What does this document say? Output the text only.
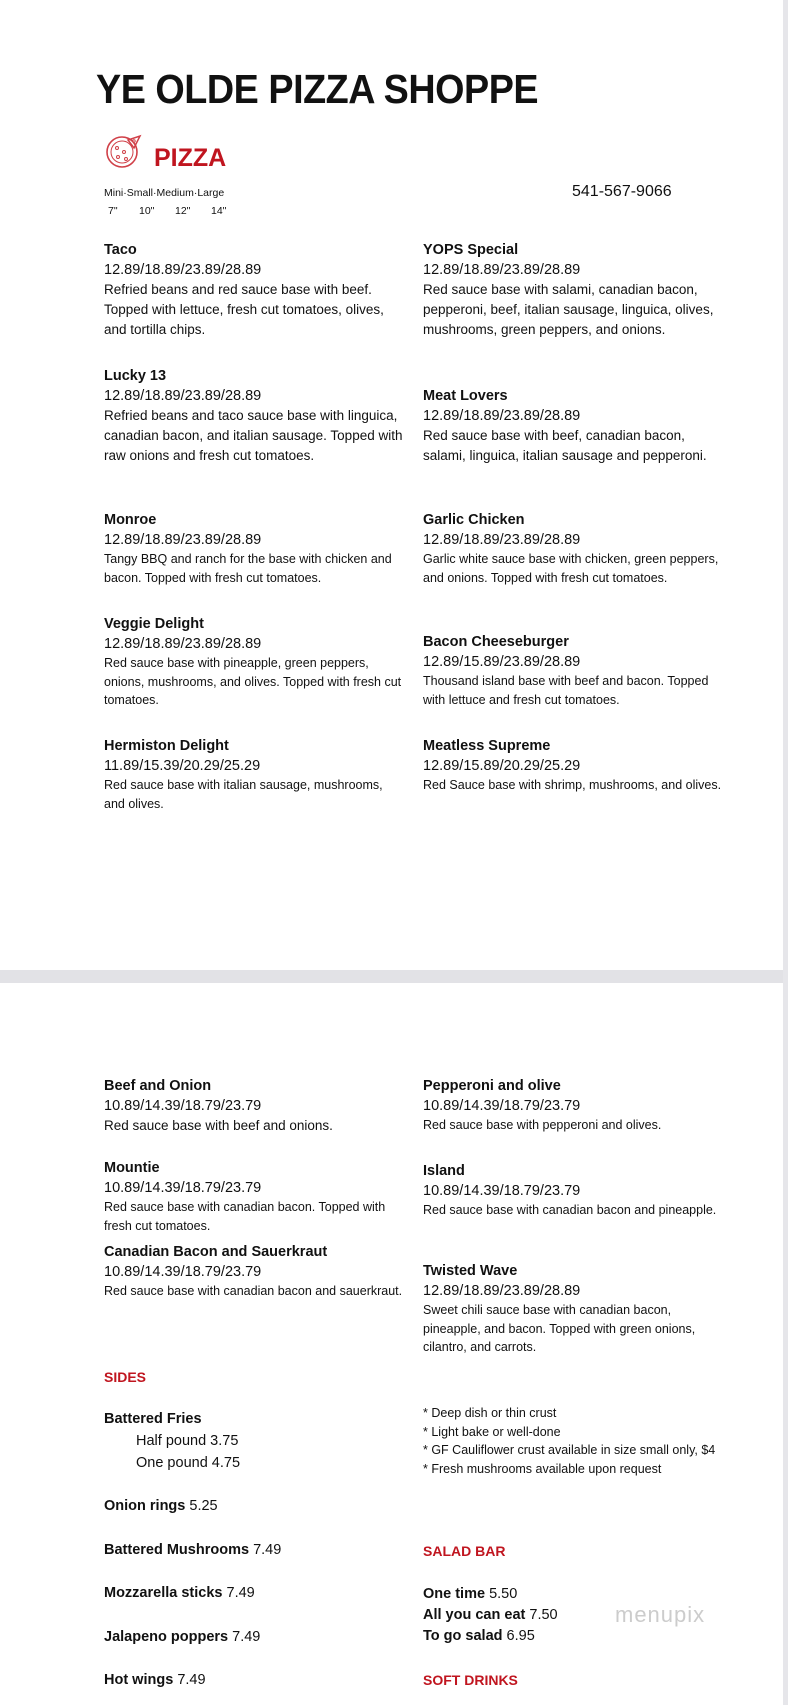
YE OLDE PIZZA SHOPPE
PIZZA
Mini·Small·Medium·Large
7" 10" 12" 14"
541-567-9066
Taco
12.89/18.89/23.89/28.89
Refried beans and red sauce base with beef. Topped with lettuce, fresh cut tomatoes, olives, and tortilla chips.
Lucky 13
12.89/18.89/23.89/28.89
Refried beans and taco sauce base with linguica, canadian bacon, and italian sausage. Topped with raw onions and fresh cut tomatoes.
Monroe
12.89/18.89/23.89/28.89
Tangy BBQ and ranch for the base with chicken and bacon. Topped with fresh cut tomatoes.
Veggie Delight
12.89/18.89/23.89/28.89
Red sauce base with pineapple, green peppers, onions, mushrooms, and olives. Topped with fresh cut tomatoes.
Hermiston Delight
11.89/15.39/20.29/25.29
Red sauce base with italian sausage, mushrooms, and olives.
YOPS Special
12.89/18.89/23.89/28.89
Red sauce base with salami, canadian bacon, pepperoni, beef, italian sausage, linguica, olives, mushrooms, green peppers, and onions.
Meat Lovers
12.89/18.89/23.89/28.89
Red sauce base with beef, canadian bacon, salami, linguica, italian sausage and pepperoni.
Garlic Chicken
12.89/18.89/23.89/28.89
Garlic white sauce base with chicken, green peppers, and onions. Topped with fresh cut tomatoes.
Bacon Cheeseburger
12.89/15.89/23.89/28.89
Thousand island base with beef and bacon. Topped with lettuce and fresh cut tomatoes.
Meatless Supreme
12.89/15.89/20.29/25.29
Red Sauce base with shrimp, mushrooms, and olives.
Beef and Onion
10.89/14.39/18.79/23.79
Red sauce base with beef and onions.
Mountie
10.89/14.39/18.79/23.79
Red sauce base with canadian bacon. Topped with fresh cut tomatoes.
Canadian Bacon and Sauerkraut
10.89/14.39/18.79/23.79
Red sauce base with canadian bacon and sauerkraut.
Pepperoni and olive
10.89/14.39/18.79/23.79
Red sauce base with pepperoni and olives.
Island
10.89/14.39/18.79/23.79
Red sauce base with canadian bacon and pineapple.
Twisted Wave
12.89/18.89/23.89/28.89
Sweet chili sauce base with canadian bacon, pineapple, and bacon. Topped with green onions, cilantro, and carrots.
SIDES
Battered Fries
Half pound 3.75
One pound 4.75
Onion rings 5.25
Battered Mushrooms 7.49
Mozzarella sticks 7.49
Jalapeno poppers 7.49
Hot wings 7.49
* Deep dish or thin crust
* Light bake or well-done
* GF Cauliflower crust available in size small only, $4
* Fresh mushrooms available upon request
SALAD BAR
One time 5.50
All you can eat 7.50
To go salad 6.95
SOFT DRINKS
menupix
